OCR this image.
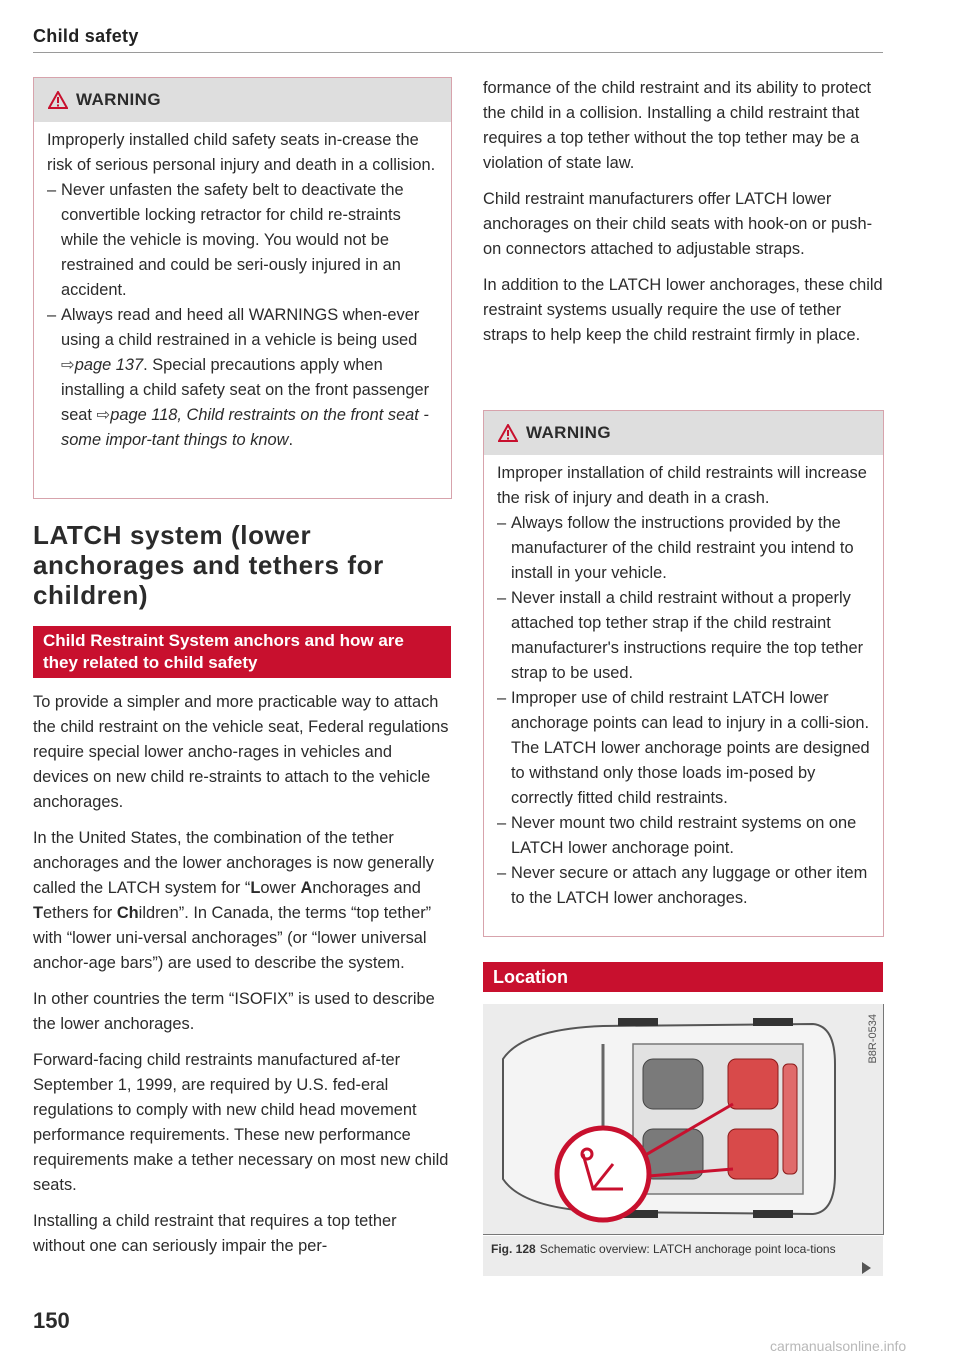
Child safety
WARNING

Improperly installed child safety seats in-crease the risk of serious personal injury and death in a collision.

– Never unfasten the safety belt to deactivate the convertible locking retractor for child re-straints while the vehicle is moving. You would not be restrained and could be seri-ously injured in an accident.
– Always read and heed all WARNINGS when-ever using a child restrained in a vehicle is being used ⇨page 137. Special precautions apply when installing a child safety seat on the front passenger seat ⇨page 118, Child restraints on the front seat - some impor-tant things to know.
LATCH system (lower anchorages and tethers for children)
Child Restraint System anchors and how are they related to child safety

To provide a simpler and more practicable way to attach the child restraint on the vehicle seat, Federal regulations require special lower ancho-rages in vehicles and devices on new child re-straints to attach to the vehicle anchorages.

In the United States, the combination of the tether anchorages and the lower anchorages is now generally called the LATCH system for “Lower Anchorages and Tethers for Children”. In Canada, the terms “top tether” with “lower uni-versal anchorages” (or “lower universal anchor-age bars”) are used to describe the system.

In other countries the term “ISOFIX” is used to describe the lower anchorages.

Forward-facing child restraints manufactured af-ter September 1, 1999, are required by U.S. fed-eral regulations to comply with new child head movement performance requirements. These new performance requirements make a tether necessary on most new child seats.

Installing a child restraint that requires a top tether without one can seriously impair the per-

formance of the child restraint and its ability to protect the child in a collision. Installing a child restraint that requires a top tether without the top tether may be a violation of state law.

Child restraint manufacturers offer LATCH lower anchorages on their child seats with hook-on or push-on connectors attached to adjustable straps.

In addition to the LATCH lower anchorages, these child restraint systems usually require the use of tether straps to help keep the child restraint firmly in place.

WARNING

Improper installation of child restraints will increase the risk of injury and death in a crash.

– Always follow the instructions provided by the manufacturer of the child restraint you intend to install in your vehicle.
– Never install a child restraint without a properly attached top tether strap if the child restraint manufacturer's instructions require the top tether strap to be used.
– Improper use of child restraint LATCH lower anchorage points can lead to injury in a colli-sion. The LATCH lower anchorage points are designed to withstand only those loads im-posed by correctly fitted child restraints.
– Never mount two child restraint systems on one LATCH lower anchorage point.
– Never secure or attach any luggage or other item to the LATCH lower anchorages.
Location
B8R-0534
Fig. 128 Schematic overview: LATCH anchorage point loca-tions
150
carmanualsonline.info
